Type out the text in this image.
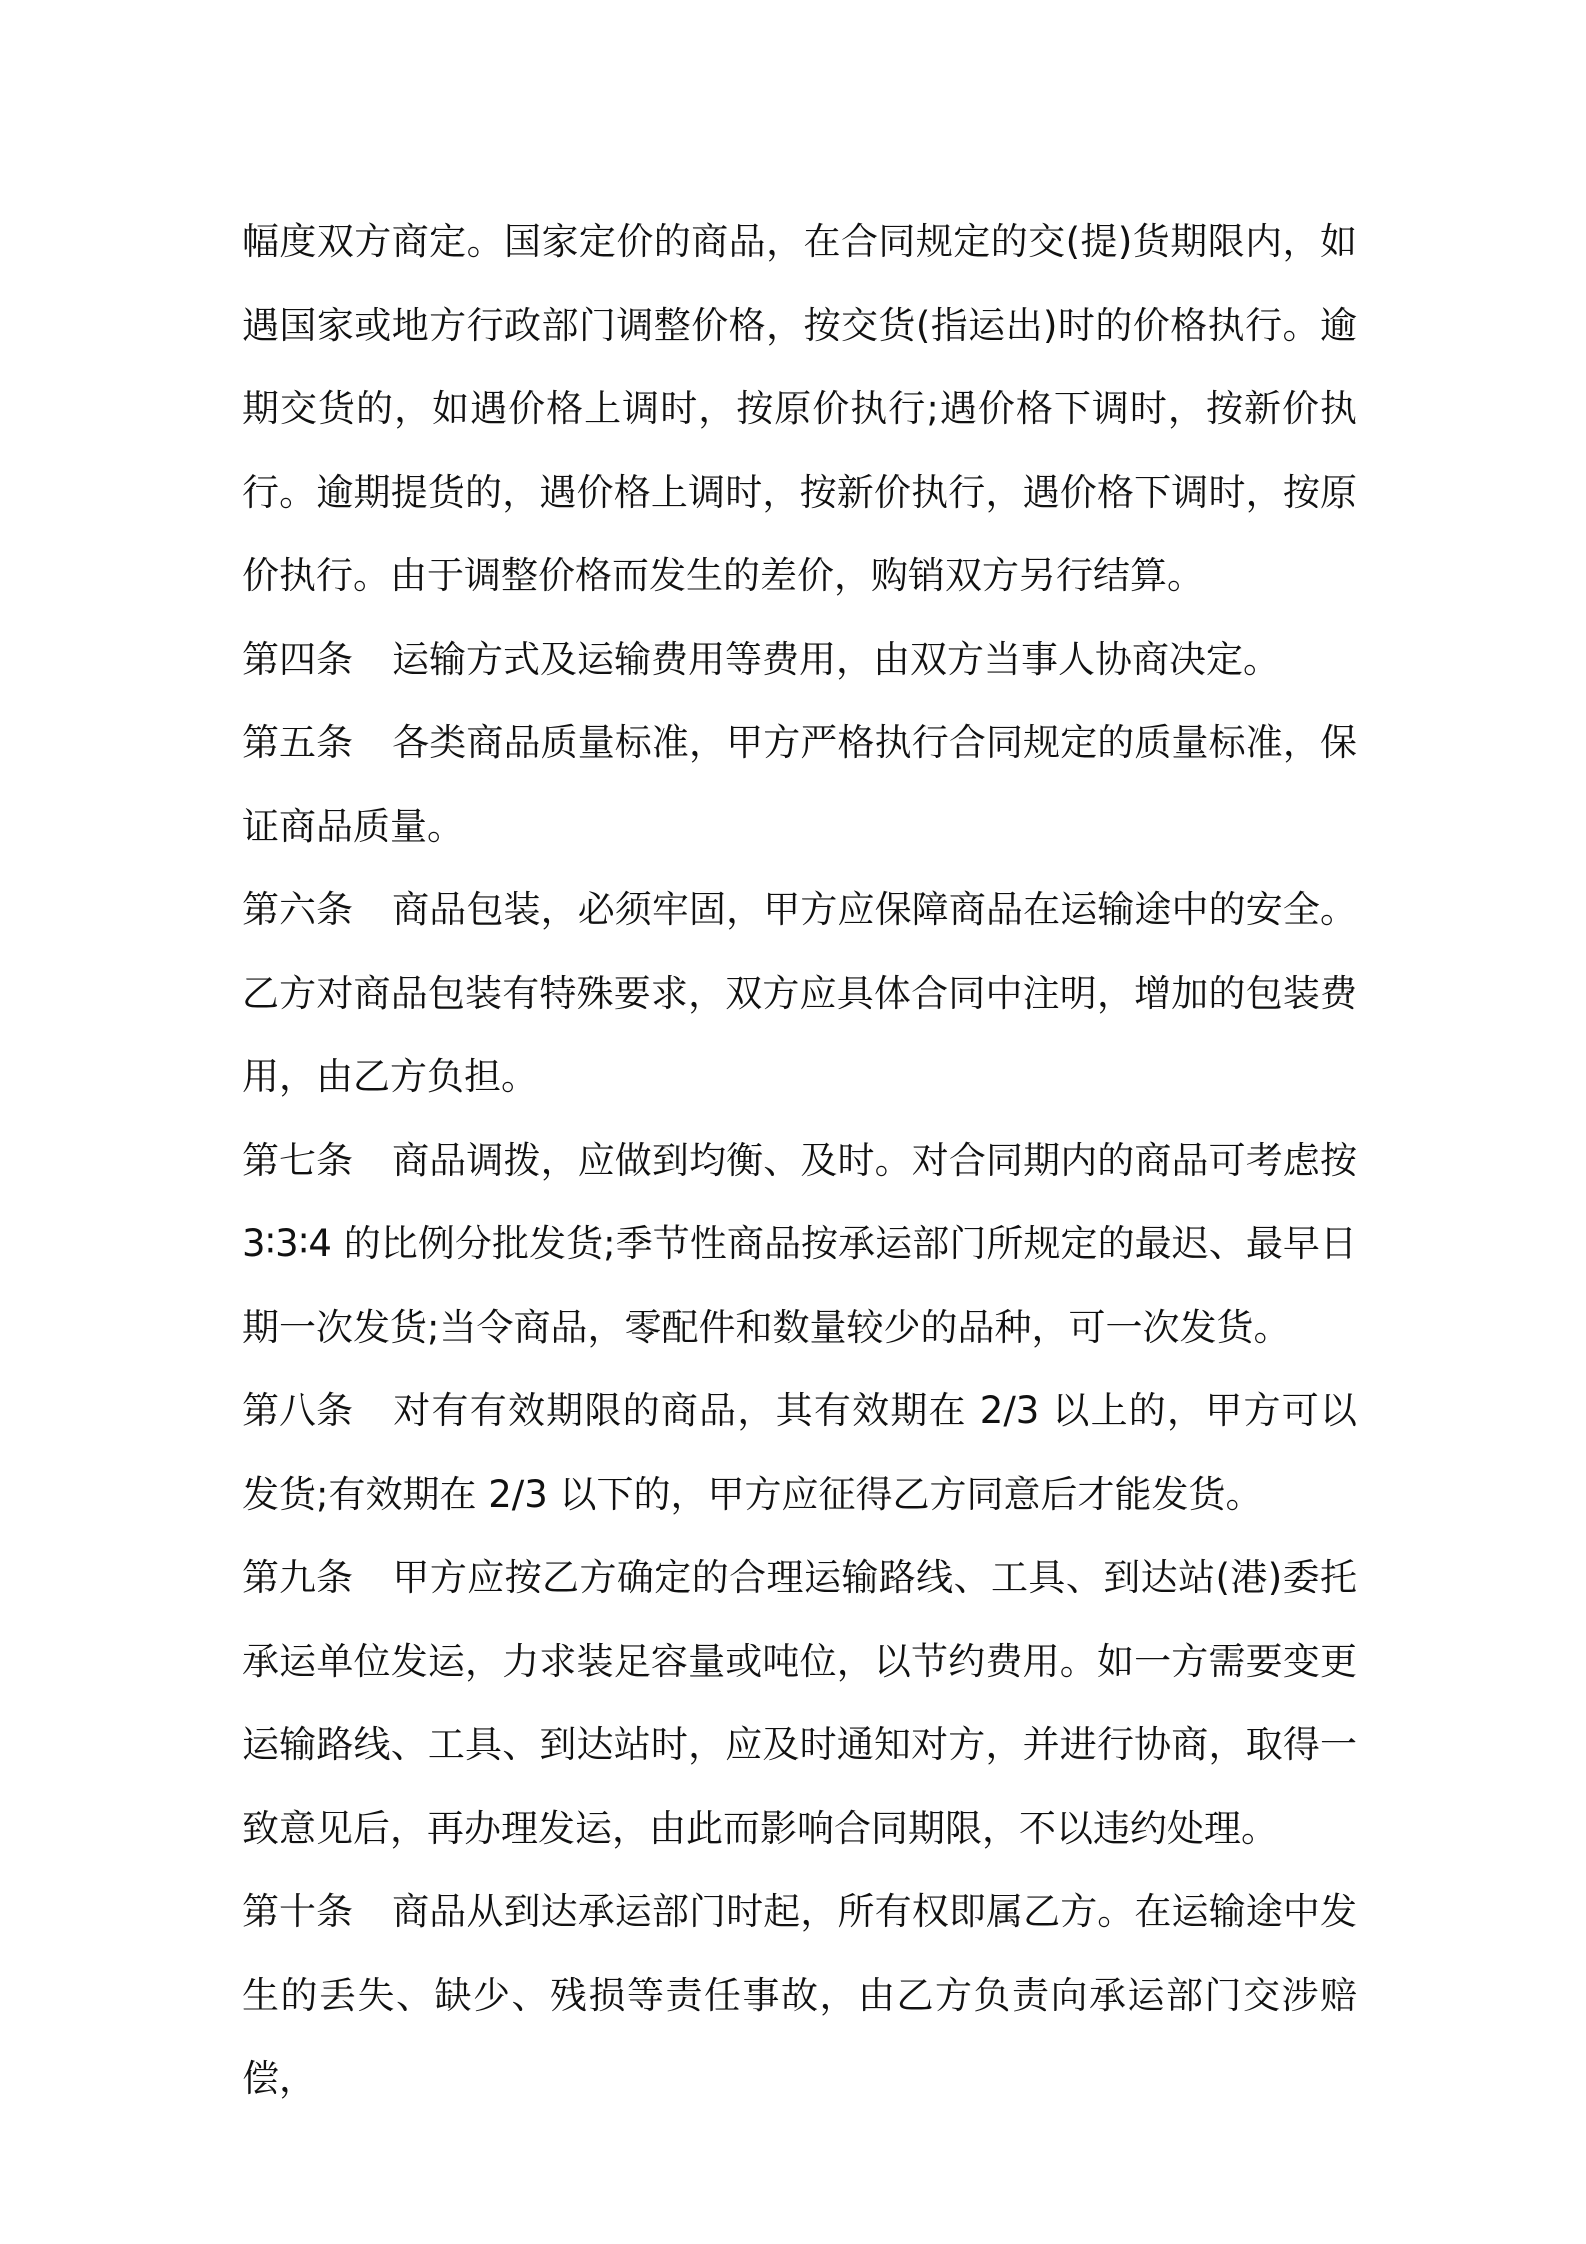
幅度双方商定。国家定价的商品，在合同规定的交(提)货期限内，如遇国家或地方行政部门调整价格，按交货(指运出)时的价格执行。逾期交货的，如遇价格上调时，按原价执行;遇价格下调时，按新价执行。逾期提货的，遇价格上调时，按新价执行，遇价格下调时，按原价执行。由于调整价格而发生的差价，购销双方另行结算。

第四条 运输方式及运输费用等费用，由双方当事人协商决定。

第五条 各类商品质量标准，甲方严格执行合同规定的质量标准，保证商品质量。

第六条 商品包装，必须牢固，甲方应保障商品在运输途中的安全。乙方对商品包装有特殊要求，双方应具体合同中注明，增加的包装费用，由乙方负担。

第七条 商品调拨，应做到均衡、及时。对合同期内的商品可考虑按3∶3∶4 的比例分批发货;季节性商品按承运部门所规定的最迟、最早日期一次发货;当令商品，零配件和数量较少的品种，可一次发货。

第八条 对有有效期限的商品，其有效期在 2/3 以上的，甲方可以发货;有效期在 2/3 以下的，甲方应征得乙方同意后才能发货。

第九条 甲方应按乙方确定的合理运输路线、工具、到达站(港)委托承运单位发运，力求装足容量或吨位，以节约费用。如一方需要变更运输路线、工具、到达站时，应及时通知对方，并进行协商，取得一致意见后，再办理发运，由此而影响合同期限，不以违约处理。

第十条 商品从到达承运部门时起，所有权即属乙方。在运输途中发生的丢失、缺少、残损等责任事故，由乙方负责向承运部门交涉赔偿，
